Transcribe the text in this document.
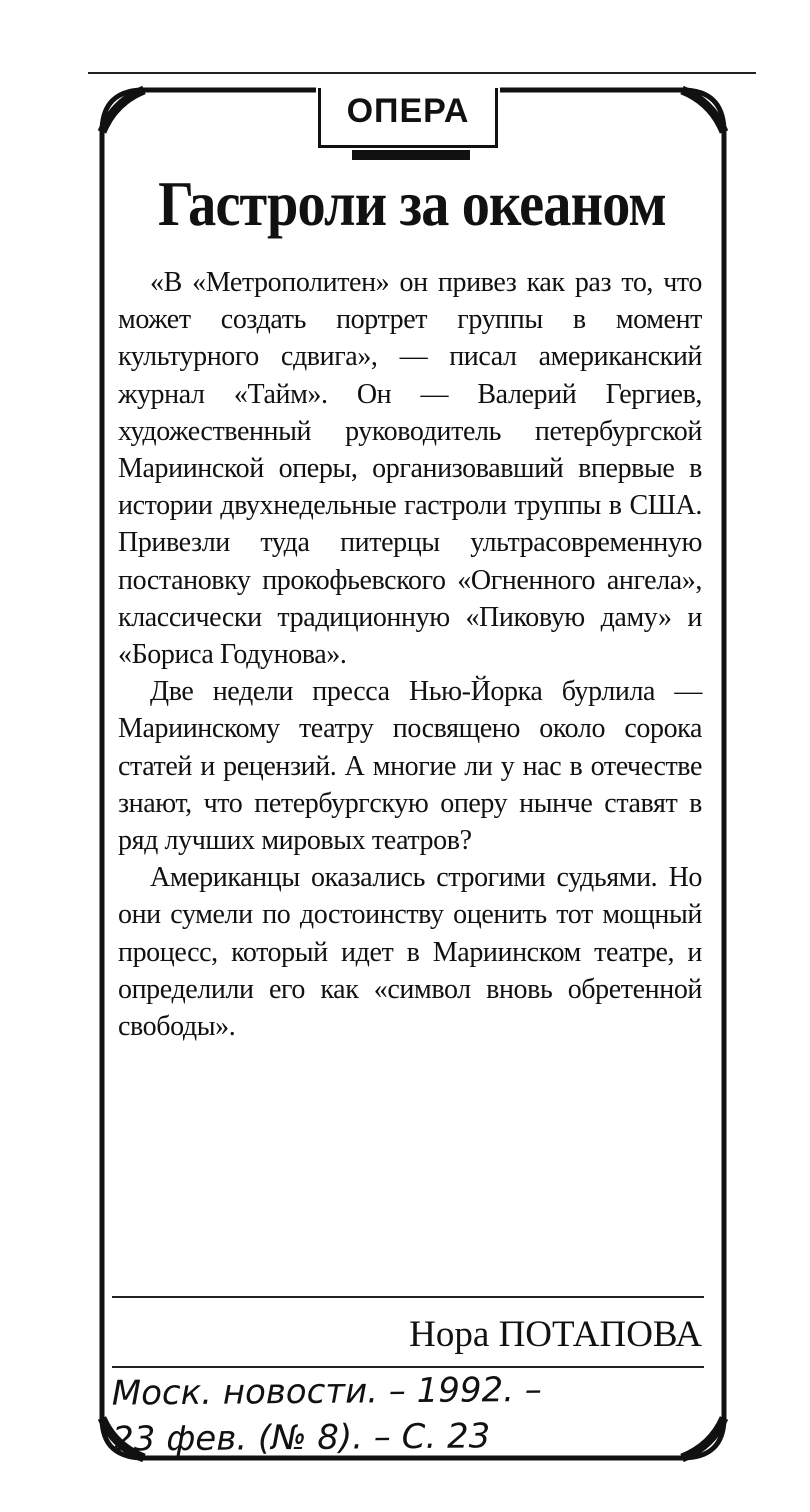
ОПЕРА
Гастроли за океаном

«В «Метрополитен» он привез как раз то, что может создать портрет группы в момент культурного сдвига», — писал американский журнал «Тайм». Он — Валерий Гергиев, художественный руководитель петербургской Мариинской оперы, организовавший впервые в истории двухнедельные гастроли труппы в США. Привезли туда питерцы ультрасовременную постановку прокофьевского «Огненного ангела», классически традиционную «Пиковую даму» и «Бориса Годунова».

Две недели пресса Нью-Йорка бурлила — Мариинскому театру посвящено около сорока статей и рецензий. А многие ли у нас в отечестве знают, что петербургскую оперу нынче ставят в ряд лучших мировых театров?

Американцы оказались строгими судьями. Но они сумели по достоинству оценить тот мощный процесс, который идет в Мариинском театре, и определили его как «символ вновь обретенной свободы».

Нора ПОТАПОВА
Моск. новости. – 1992. –
23 фев. (№ 8). – С. 23
